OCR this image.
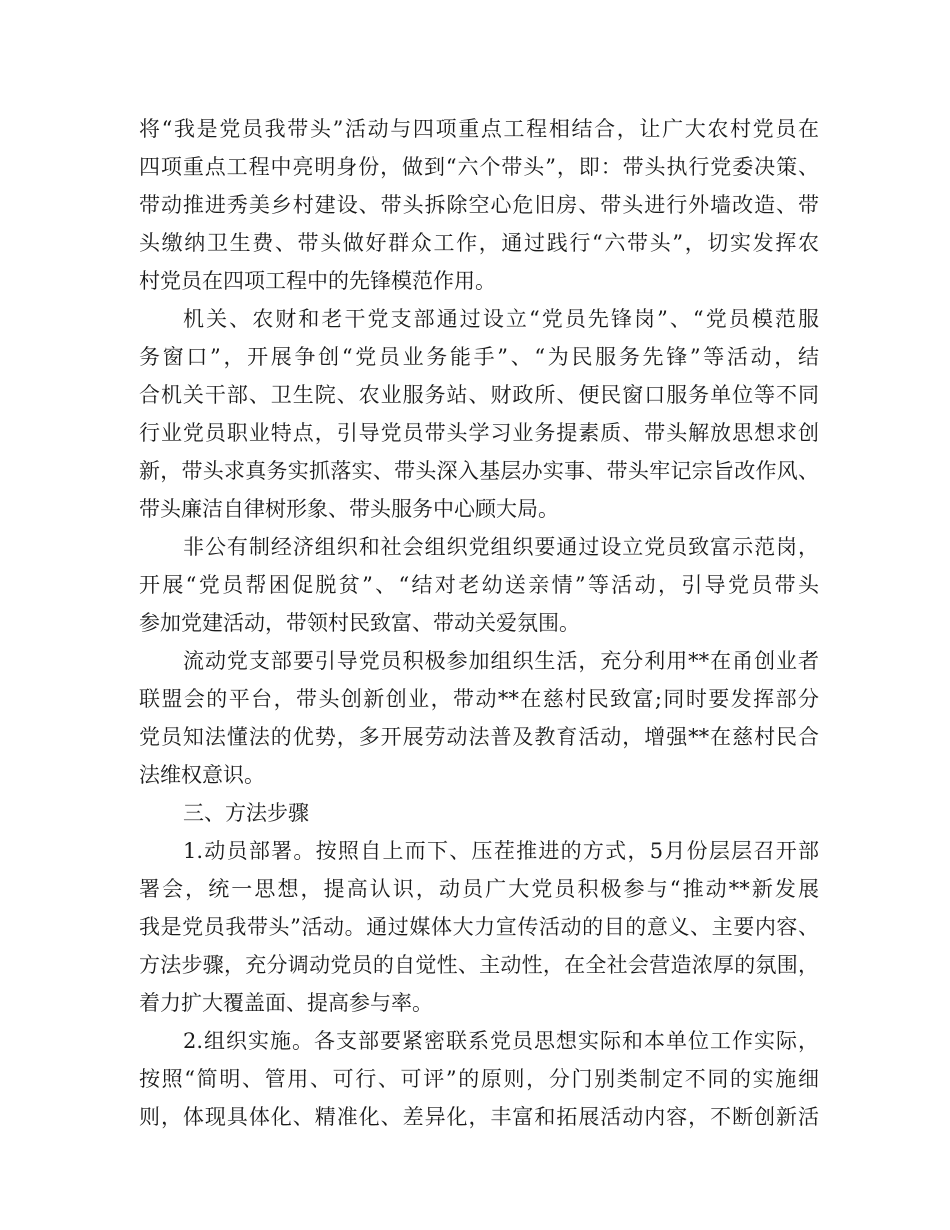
将“我是党员我带头”活动与四项重点工程相结合，让广大农村党员在
四项重点工程中亮明身份，做到“六个带头”，即：带头执行党委决策、
带动推进秀美乡村建设、带头拆除空心危旧房、带头进行外墙改造、带
头缴纳卫生费、带头做好群众工作，通过践行“六带头”，切实发挥农
村党员在四项工程中的先锋模范作用。
机关、农财和老干党支部通过设立“党员先锋岗”、“党员模范服
务窗口”，开展争创“党员业务能手”、“为民服务先锋”等活动，结
合机关干部、卫生院、农业服务站、财政所、便民窗口服务单位等不同
行业党员职业特点，引导党员带头学习业务提素质、带头解放思想求创
新，带头求真务实抓落实、带头深入基层办实事、带头牢记宗旨改作风、
带头廉洁自律树形象、带头服务中心顾大局。
非公有制经济组织和社会组织党组织要通过设立党员致富示范岗，
开展“党员帮困促脱贫”、“结对老幼送亲情”等活动，引导党员带头
参加党建活动，带领村民致富、带动关爱氛围。
流动党支部要引导党员积极参加组织生活，充分利用**在甬创业者
联盟会的平台，带头创新创业，带动**在慈村民致富;同时要发挥部分
党员知法懂法的优势，多开展劳动法普及教育活动，增强**在慈村民合
法维权意识。
三、方法步骤
1.动员部署。按照自上而下、压茬推进的方式，5月份层层召开部
署会，统一思想，提高认识，动员广大党员积极参与“推动**新发展
我是党员我带头”活动。通过媒体大力宣传活动的目的意义、主要内容、
方法步骤，充分调动党员的自觉性、主动性，在全社会营造浓厚的氛围，
着力扩大覆盖面、提高参与率。
2.组织实施。各支部要紧密联系党员思想实际和本单位工作实际，
按照“简明、管用、可行、可评”的原则，分门别类制定不同的实施细
则，体现具体化、精准化、差异化，丰富和拓展活动内容，不断创新活
